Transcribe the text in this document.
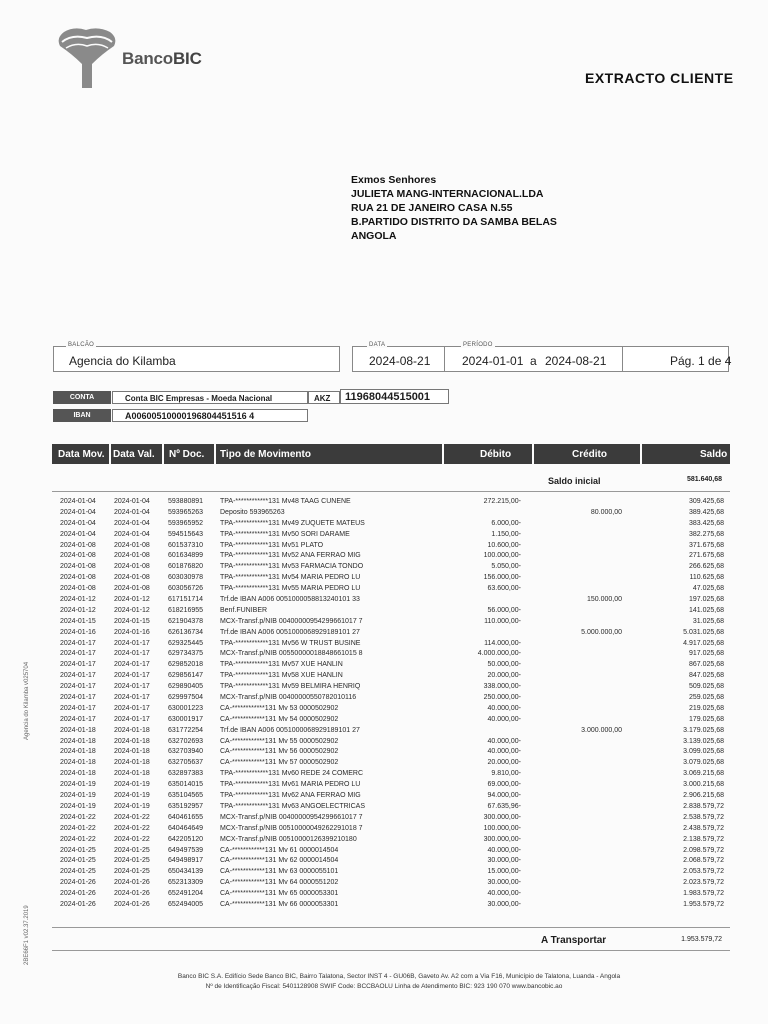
BancoBIC
EXTRACTO CLIENTE
Exmos Senhores
JULIETA MANG-INTERNACIONAL.LDA
RUA 21 DE JANEIRO CASA N.55
B.PARTIDO DISTRITO DA SAMBA BELAS
ANGOLA
BALCÃO
Agencia do Kilamba
DATA
2024-08-21
PERÍODO
2024-01-01 a 2024-08-21	Pág. 1 de 4
CONTA	Conta BIC Empresas - Moeda Nacional	AKZ	11968044515001
IBAN	A00600510000196804451516 4
Data Mov. Data Val. Nº Doc. Tipo de Movimento	Débito	Crédito	Saldo
Saldo inicial	581.640,68
2024-01-04	2024-01-04	593880891 TPA-************131 Mv48 TAAG CUNENE	272.215,00-	309.425,68
2024-01-04	2024-01-04	593965263 Deposito 593965263	80.000,00	389.425,68
2024-01-04	2024-01-04	593965952 TPA-************131 Mv49 ZUQUETE MATEUS	6.000,00-	383.425,68
2024-01-04	2024-01-04	594515643 TPA-************131 Mv50 SORI DARAME	1.150,00-	382.275,68
2024-01-08	2024-01-08	601537310 TPA-************131 Mv51 PLATO	10.600,00-	371.675,68
2024-01-08	2024-01-08	601634899 TPA-************131 Mv52 ANA FERRAO MIG	100.000,00-	271.675,68
2024-01-08	2024-01-08	601876820 TPA-************131 Mv53 FARMACIA TONDO	5.050,00-	266.625,68
2024-01-08	2024-01-08	603030978 TPA-************131 Mv54 MARIA PEDRO LU	156.000,00-	110.625,68
2024-01-08	2024-01-08	603056726 TPA-************131 Mv55 MARIA PEDRO LU	63.600,00-	47.025,68
2024-01-12	2024-01-12	617151714 Trf.de IBAN A006 0051000058813240101 33	150.000,00	197.025,68
2024-01-12	2024-01-12	618216955 Benf.FUNIBER	56.000,00-	141.025,68
2024-01-15	2024-01-15	621904378 MCX-Transf.p/NIB 00400000954299661017 7	110.000,00-	31.025,68
2024-01-16	2024-01-16	626136734 Trf.de IBAN A006 0051000068929189101 27	5.000.000,00	5.031.025,68
2024-01-17	2024-01-17	629325445 TPA-************131 Mv56 W TRUST BUSINE	114.000,00-	4.917.025,68
2024-01-17	2024-01-17	629734375 MCX-Transf.p/NIB 00550000018848661015 8	4.000.000,00-	917.025,68
2024-01-17	2024-01-17	629852018 TPA-************131 Mv57 XUE HANLIN	50.000,00-	867.025,68
2024-01-17	2024-01-17	629856147 TPA-************131 Mv58 XUE HANLIN	20.000,00-	847.025,68
2024-01-17	2024-01-17	629890405 TPA-************131 Mv59 BELMIRA HENRIQ	338.000,00-	509.025,68
2024-01-17	2024-01-17	629997504 MCX-Transf.p/NIB 00400000550782010116	250.000,00-	259.025,68
2024-01-17	2024-01-17	630001223 CA-************131 Mv 53 0000502902	40.000,00-	219.025,68
2024-01-17	2024-01-17	630001917 CA-************131 Mv 54 0000502902	40.000,00-	179.025,68
2024-01-18	2024-01-18	631772254 Trf.de IBAN A006 0051000068929189101 27	3.000.000,00	3.179.025,68
2024-01-18	2024-01-18	632702693 CA-************131 Mv 55 0000502902	40.000,00-	3.139.025,68
2024-01-18	2024-01-18	632703940 CA-************131 Mv 56 0000502902	40.000,00-	3.099.025,68
2024-01-18	2024-01-18	632705637 CA-************131 Mv 57 0000502902	20.000,00-	3.079.025,68
2024-01-18	2024-01-18	632897383 TPA-************131 Mv60 REDE 24 COMERC	9.810,00-	3.069.215,68
2024-01-19	2024-01-19	635014015 TPA-************131 Mv61 MARIA PEDRO LU	69.000,00-	3.000.215,68
2024-01-19	2024-01-19	635104565 TPA-************131 Mv62 ANA FERRAO MIG	94.000,00-	2.906.215,68
2024-01-19	2024-01-19	635192957 TPA-************131 Mv63 ANGOELECTRICAS	67.635,96-	2.838.579,72
2024-01-22	2024-01-22	640461655 MCX-Transf.p/NIB 00400000954299661017 7	300.000,00-	2.538.579,72
2024-01-22	2024-01-22	640464649 MCX-Transf.p/NIB 00510000049262291018 7	100.000,00-	2.438.579,72
2024-01-22	2024-01-22	642205120 MCX-Transf.p/NIB 00510000126399210180	300.000,00-	2.138.579,72
2024-01-25	2024-01-25	649497539 CA-************131 Mv 61 0000014504	40.000,00-	2.098.579,72
2024-01-25	2024-01-25	649498917 CA-************131 Mv 62 0000014504	30.000,00-	2.068.579,72
2024-01-25	2024-01-25	650434139 CA-************131 Mv 63 0000055101	15.000,00-	2.053.579,72
2024-01-26	2024-01-26	652313309 CA-************131 Mv 64 0000551202	30.000,00-	2.023.579,72
2024-01-26	2024-01-26	652491204 CA-************131 Mv 65 0000053301	40.000,00-	1.983.579,72
2024-01-26	2024-01-26	652494005 CA-************131 Mv 66 0000053301	30.000,00-	1.953.579,72
A Transportar	1.953.579,72
Agencia do Kilamba v025704
2BE66F1 v02.37.2019
Banco BIC S.A. Edifício Sede Banco BIC, Bairro Talatona, Sector INST 4 - GU06B, Gaveto Av. A2 com a Via F16, Município de Talatona, Luanda - Angola
Nº de Identificação Fiscal: 5401128908 SWIF Code: BCCBAOLU Linha de Atendimento BIC: 923 190 070 www.bancobic.ao
